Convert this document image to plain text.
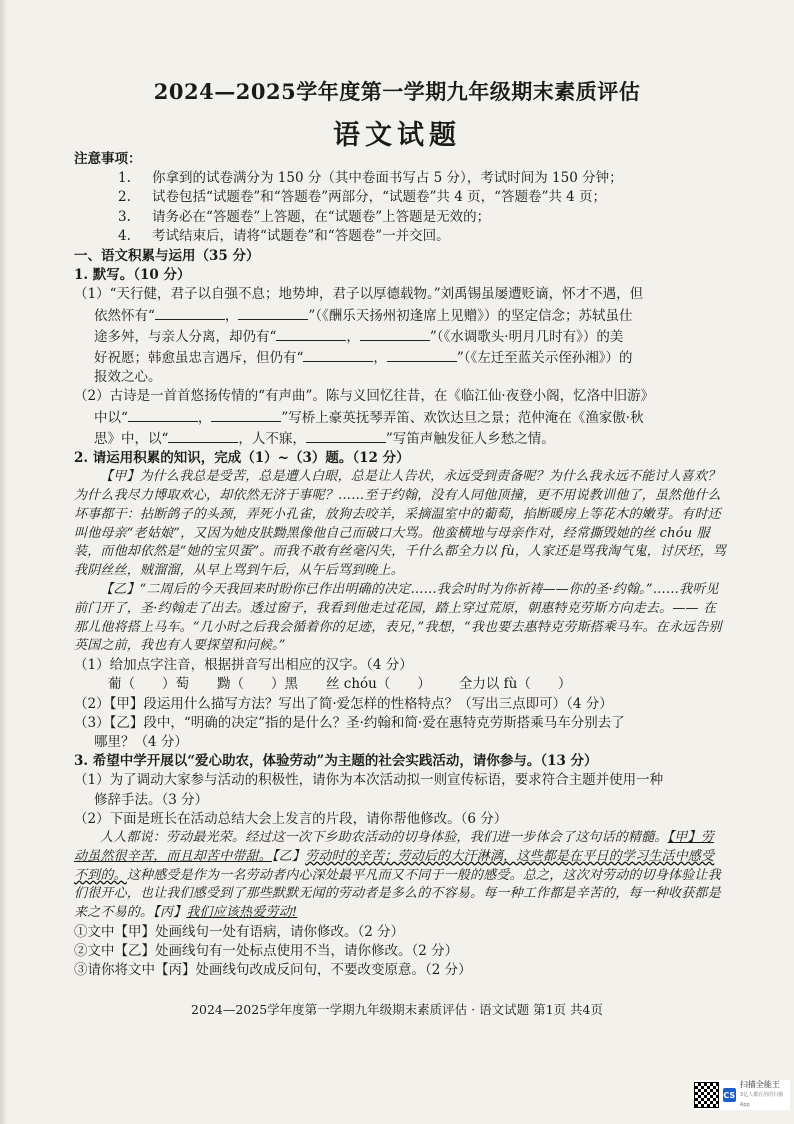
2024—2025学年度第一学期九年级期末素质评估
语文试题

注意事项：

1. 你拿到的试卷满分为 150 分（其中卷面书写占 5 分），考试时间为 150 分钟；

2. 试卷包括“试题卷”和“答题卷”两部分，“试题卷”共 4 页，“答题卷”共 4 页；

3. 请务必在“答题卷”上答题，在“试题卷”上答题是无效的；

4. 考试结束后，请将“试题卷”和“答题卷”一并交回。

一、语文积累与运用（35 分）

1. 默写。（10 分）

（1）“天行健，君子以自强不息；地势坤，君子以厚德载物。”刘禹锡虽屡遭贬谪，怀才不遇，但

依然怀有“	，	”（《酬乐天扬州初逢席上见赠》）的坚定信念；苏轼虽仕

途多舛，与亲人分离，却仍有“	，	”（《水调歌头·明月几时有》）的美

好祝愿；韩愈虽忠言遇斥，但仍有“	，	”（《左迁至蓝关示侄孙湘》）的

报效之心。

（2）古诗是一首首悠扬传情的“有声曲”。陈与义回忆往昔，在《临江仙·夜登小阁，忆洛中旧游》

中以“	，	”写桥上豪英抚琴弄笛、欢饮达旦之景；范仲淹在《渔家傲·秋

思》中，以“	，人不寐，	”写笛声触发征人乡愁之情。

2. 请运用积累的知识，完成（1）~（3）题。（12 分）

【甲】为什么我总是受苦，总是遭人白眼，总是让人告状，永远受到责备呢？为什么我永远不能讨人喜欢？为什么我尽力博取欢心，却依然无济于事呢？……至于约翰，没有人同他顶撞，更不用说教训他了，虽然他什么坏事都干：拈断鸽子的头颈，弄死小孔雀，放狗去咬羊，采摘温室中的葡萄，掐断暖房上等花木的嫩芽。有时还叫他母亲“老姑娘”，又因为她皮肤黝黑像他自己而破口大骂。他蛮横地与母亲作对，经常撕毁她的丝 chóu 服装，而他却依然是“她的宝贝蛋”。而我不敢有丝毫闪失，千什么都全力以 fù，人家还是骂我淘气鬼，讨厌坯，骂我阴丝丝，贼溜溜，从早上骂到午后，从午后骂到晚上。

【乙】“二周后的今天我回来时盼你已作出明确的决定……我会时时为你祈祷——你的圣·约翰。”……我听见前门开了，圣·约翰走了出去。透过窗子，我看到他走过花园，踏上穿过荒原，朝惠特克劳斯方向走去。—— 在那儿他将搭上马车。“几小时之后我会循着你的足迹，表兄，”我想，“我也要去惠特克劳斯搭乘马车。在永远告别英国之前，我也有人要探望和问候。”

（1）给加点字注音，根据拼音写出相应的汉字。（4 分）

葡（　　）萄 黝（　　）黑 丝 chóu（　　） 全力以 fù（　　）

（2）【甲】段运用什么描写方法？写出了简·爱怎样的性格特点？（写出三点即可）（4 分）

（3）【乙】段中，“明确的决定”指的是什么？圣·约翰和简·爱在惠特克劳斯搭乘马车分别去了

哪里？（4 分）

3. 希望中学开展以“爱心助农，体验劳动”为主题的社会实践活动，请你参与。（13 分）

（1）为了调动大家参与活动的积极性，请你为本次活动拟一则宣传标语，要求符合主题并使用一种

修辞手法。（3 分）

（2）下面是班长在活动总结大会上发言的片段，请你帮他修改。（6 分）

人人都说：劳动最光荣。经过这一次下乡助农活动的切身体验，我们进一步体会了这句话的精髓。【甲】劳动虽然很辛苦，而且却苦中带甜。【乙】劳动时的辛苦；劳动后的大汗淋漓，这些都是在平日的学习生活中感受不到的。这种感受是作为一名劳动者内心深处最平凡而又不同于一般的感受。总之，这次对劳动的切身体验让我们很开心，也让我们感受到了那些默默无闻的劳动者是多么的不容易。每一种工作都是辛苦的，每一种收获都是来之不易的。【丙】我们应该热爱劳动!

①文中【甲】处画线句一处有语病，请你修改。（2 分）

②文中【乙】处画线句有一处标点使用不当，请你修改。（2 分）

③请你将文中【丙】处画线句改成反问句，不要改变原意。（2 分）

2024—2025学年度第一学期九年级期末素质评估 · 语文试题 第1页 共4页
CS
扫描全能王
3亿人都在用的扫描App
